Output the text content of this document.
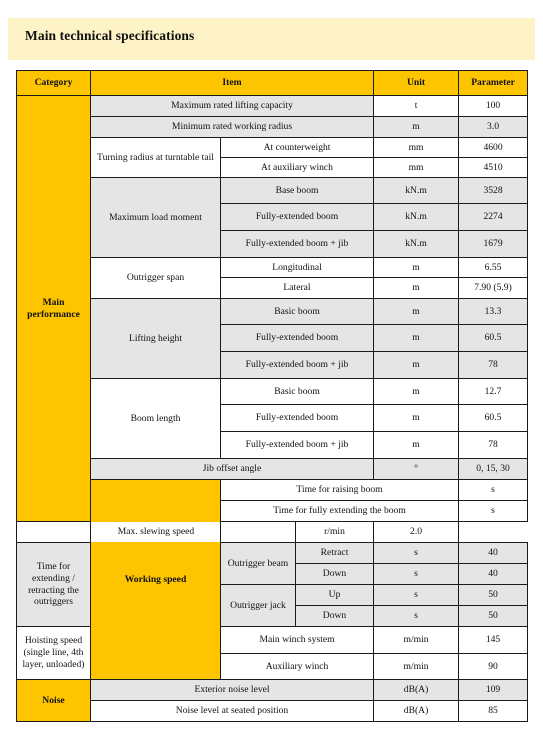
Main technical specifications
Category	Item			Unit	Parameter	
Main performance	Maximum rated lifting capacity			t	100	
	Minimum rated working radius			m	3.0	
	Turning radius at turntable tail	At counterweight		mm	4600	
		At auxiliary winch		mm	4510	
	Maximum load moment	Base boom		kN.m	3528	
		Fully-extended boom		kN.m	2274	
		Fully-extended boom + jib		kN.m	1679	
	Outrigger span	Longitudinal		m	6.55	
		Lateral		m	7.90 (5.9)	
	Lifting height	Basic boom		m	13.3	
		Fully-extended boom		m	60.5	
		Fully-extended boom + jib		m	78	
	Boom length	Basic boom		m	12.7	
		Fully-extended boom		m	60.5	
		Fully-extended boom + jib		m	78	
	Jib offset angle			°	0, 15, 30	
	Working speed	Time for raising boom			s	
		Time for fully extending the boom			s	
Max. slewing speed			r/min	2.0		
Time for extending / retracting the outriggers		Outrigger beam	Retract	s	40	
			Down	s	40	
		Outrigger jack	Up	s	50	
			Down	s	50	
Hoisting speed (single line, 4th layer, unloaded)		Main winch system		m/min	145	
		Auxiliary winch		m/min	90	
Noise	Exterior noise level			dB(A)	109	
	Noise level at seated position			dB(A)	85	
